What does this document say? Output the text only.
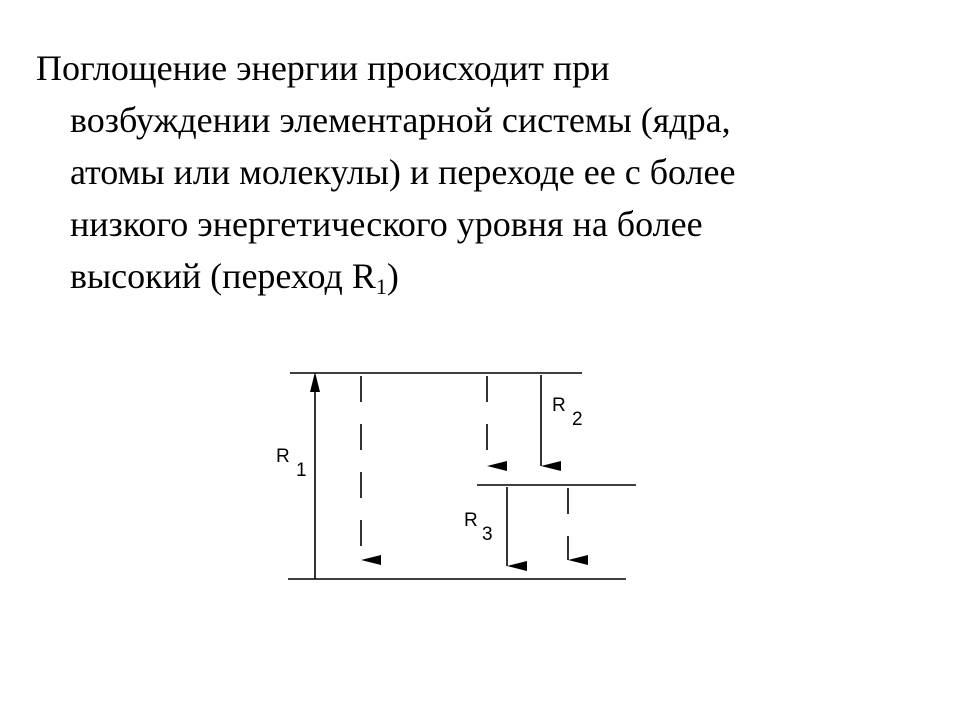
Поглощение энергии происходит при
возбуждении элементарной системы (ядра,
атомы или молекулы) и переходе ее с более
низкого энергетического уровня на более
высокий (переход $R_1$)

R
1
R
2
R
3
